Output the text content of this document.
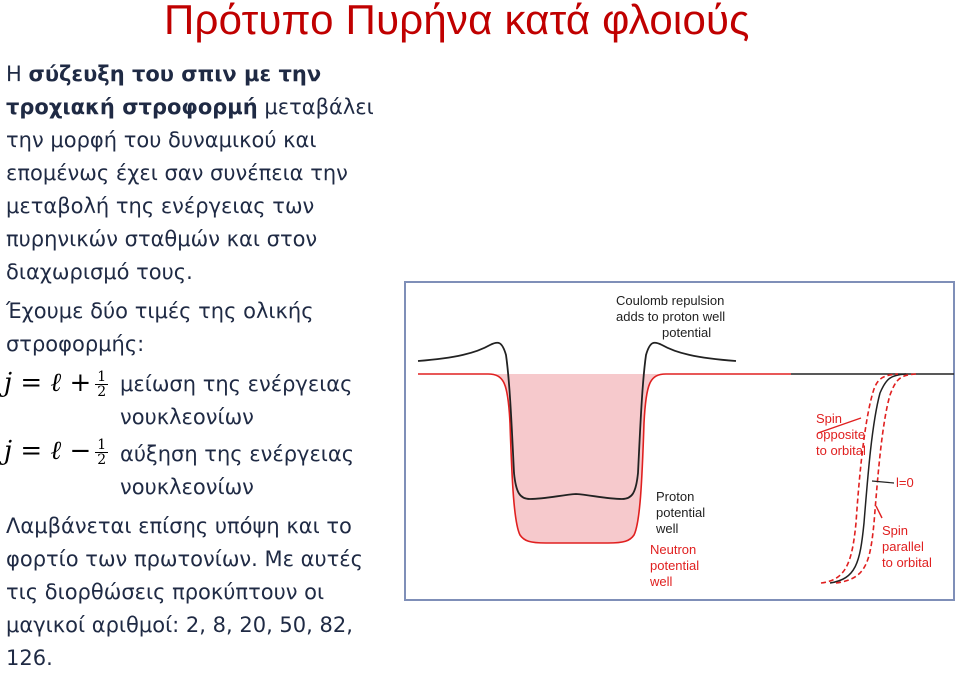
Πρότυπο Πυρήνα κατά φλοιούς

Η σύζευξη του σπιν με την τροχιακή στροφορμή μεταβάλει την μορφή του δυναμικού και επομένως έχει σαν συνέπεια την μεταβολή της ενέργειας των πυρηνικών σταθμών και στον διαχωρισμό τους.

Έχουμε δύο τιμές της ολικής στροφορμής:

j = ℓ + $\frac{1}{2}$ μείωση της ενέργειας

νουκλεονίων

j = ℓ − $\frac{1}{2}$ αύξηση της ενέργειας

νουκλεονίων

Λαμβάνεται επίσης υπόψη και το φορτίο των πρωτονίων. Με αυτές τις διορθώσεις προκύπτουν οι μαγικοί αριθμοί: 2, 8, 20, 50, 82, 126.

Coulomb repulsion
adds to proton well
potential
Proton
potential
well
Neutron
potential
well
Spin
opposite
to orbital
l=0
Spin
parallel
to orbital
